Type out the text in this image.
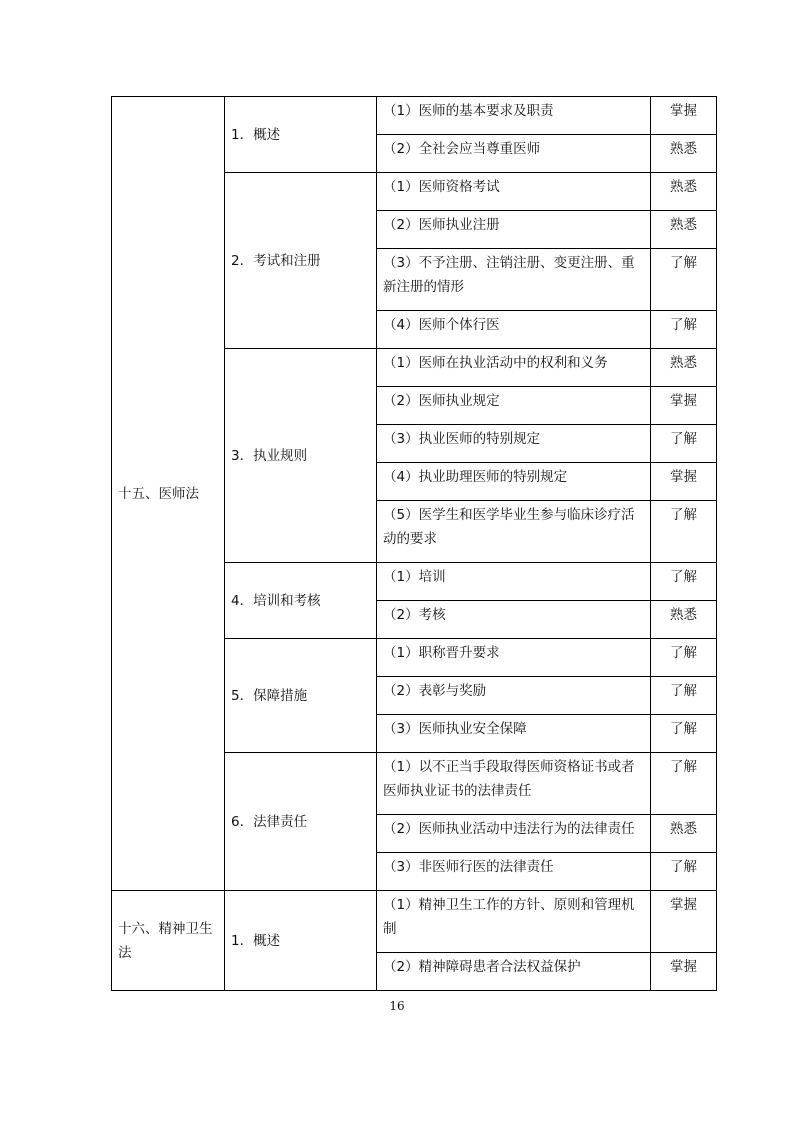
十五、医师法	1．概述	（1）医师的基本要求及职责	掌握
		（2）全社会应当尊重医师	熟悉
	2．考试和注册	（1）医师资格考试	熟悉
		（2）医师执业注册	熟悉
		（3）不予注册、注销注册、变更注册、重新注册的情形	了解
		（4）医师个体行医	了解
	3．执业规则	（1）医师在执业活动中的权利和义务	熟悉
		（2）医师执业规定	掌握
		（3）执业医师的特别规定	了解
		（4）执业助理医师的特别规定	掌握
		（5）医学生和医学毕业生参与临床诊疗活动的要求	了解
	4．培训和考核	（1）培训	了解
		（2）考核	熟悉
	5．保障措施	（1）职称晋升要求	了解
		（2）表彰与奖励	了解
		（3）医师执业安全保障	了解
	6．法律责任	（1）以不正当手段取得医师资格证书或者医师执业证书的法律责任	了解
		（2）医师执业活动中违法行为的法律责任	熟悉
		（3）非医师行医的法律责任	了解
十六、精神卫生法	1．概述	（1）精神卫生工作的方针、原则和管理机制	掌握
		（2）精神障碍患者合法权益保护	掌握
16
